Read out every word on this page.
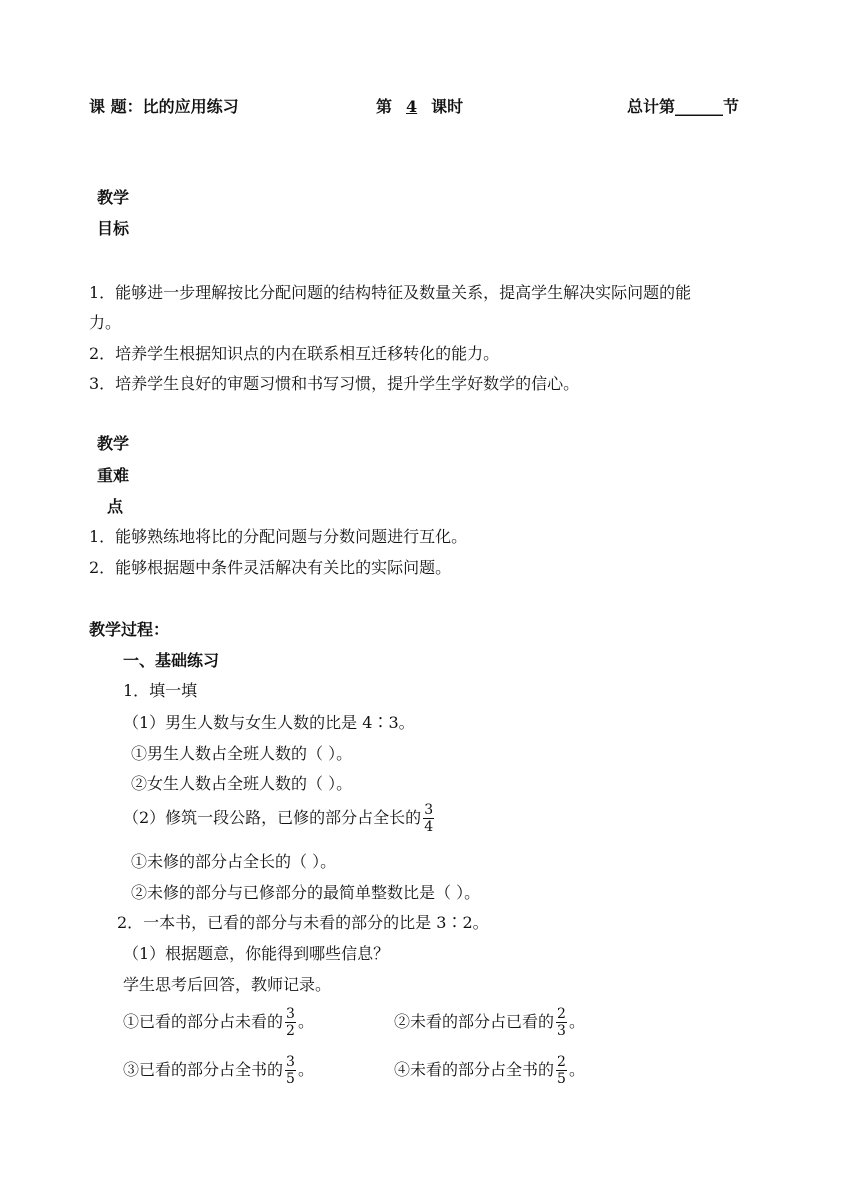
课 题：比的应用练习	第 4 课时	总计第______节
教学
目标
1．能够进一步理解按比分配问题的结构特征及数量关系，提高学生解决实际问题的能
力。
2．培养学生根据知识点的内在联系相互迁移转化的能力。
3．培养学生良好的审题习惯和书写习惯，提升学生学好数学的信心。
教学
重难
点
1．能够熟练地将比的分配问题与分数问题进行互化。
2．能够根据题中条件灵活解决有关比的实际问题。
教学过程：
一、基础练习
1．填一填
（1）男生人数与女生人数的比是 4∶3。
①男生人数占全班人数的（ ）。
②女生人数占全班人数的（ ）。
（2）修筑一段公路，已修的部分占全长的 $\frac{3}{4}$
①未修的部分占全长的（ ）。
②未修的部分与已修部分的最简单整数比是（ ）。
2．一本书，已看的部分与未看的部分的比是 3∶2。
（1）根据题意，你能得到哪些信息？
学生思考后回答，教师记录。
①已看的部分占未看的 $\frac{3}{2}$ 。	②未看的部分占已看的 $\frac{2}{3}$ 。
③已看的部分占全书的 $\frac{3}{5}$ 。	④未看的部分占全书的 $\frac{2}{5}$ 。
